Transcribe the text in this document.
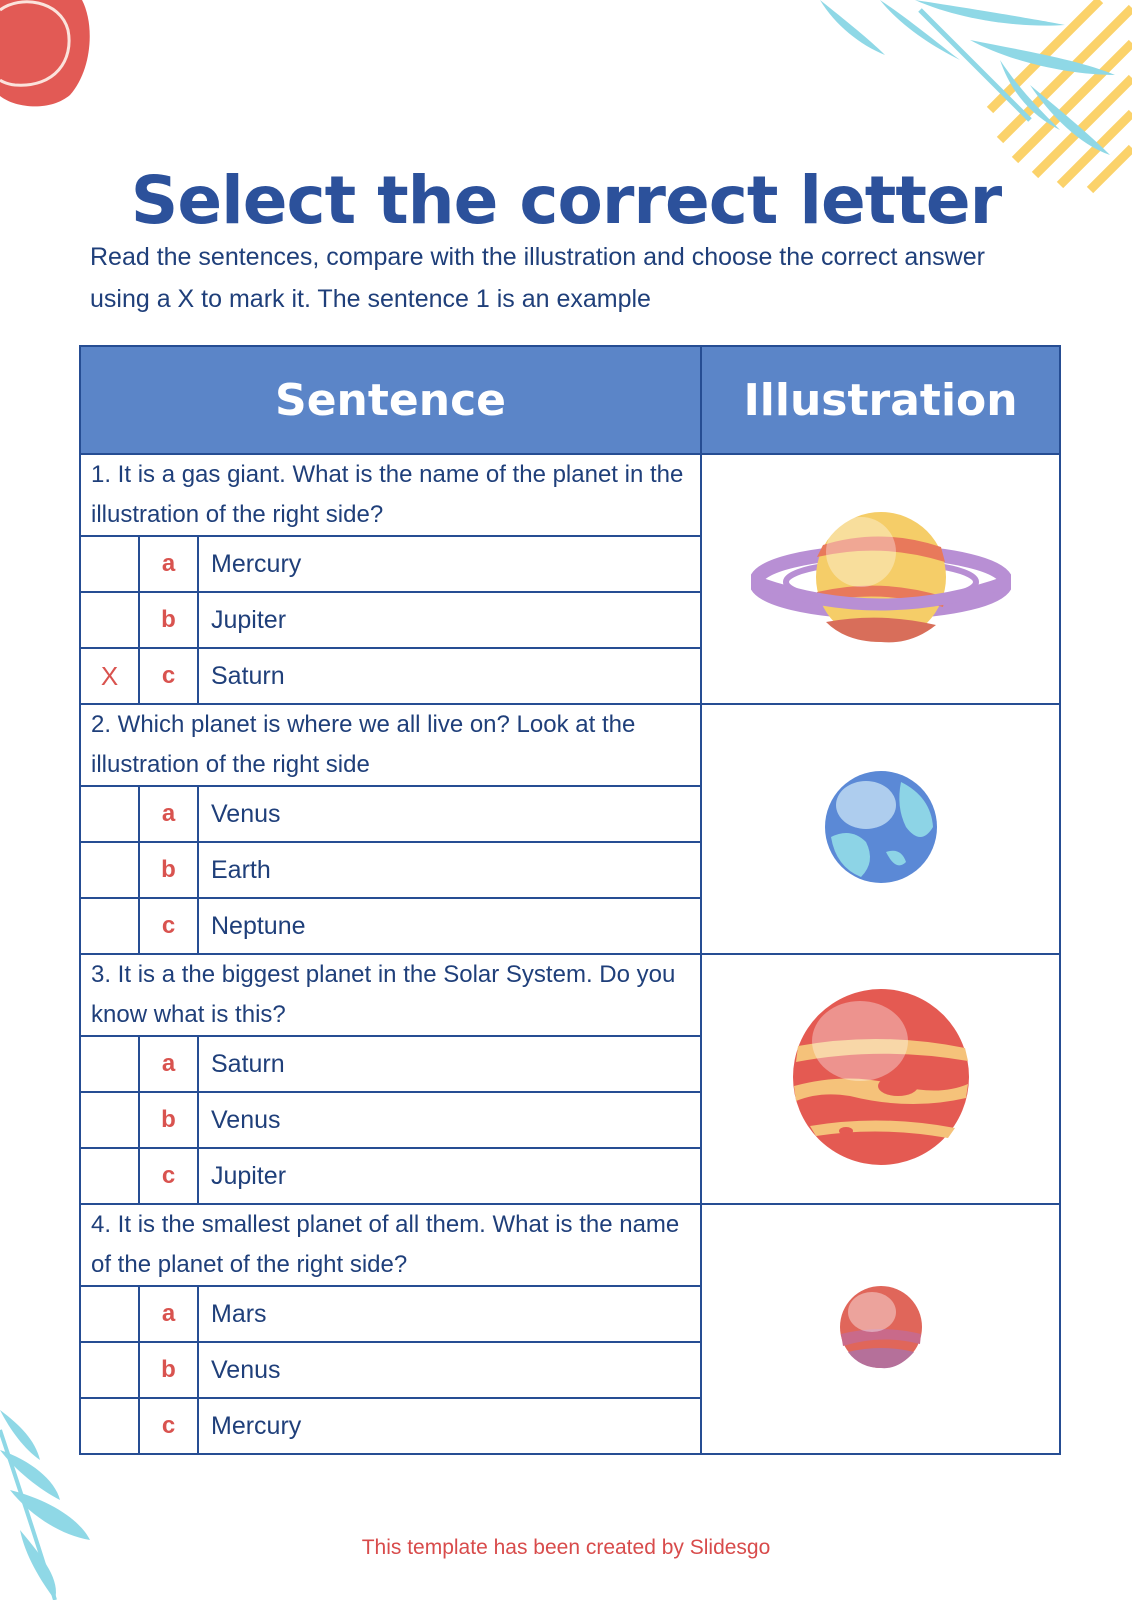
Select the correct letter

Read the sentences, compare with the illustration and choose the correct answer using a X to mark it. The sentence 1 is an example

Sentence			Illustration
1. It is a gas giant. What is the name of the planet in the illustration of the right side?	
	a	Mercury	
	b	Jupiter	
X	c	Saturn	
2. Which planet is where we all live on? Look at the illustration of the right side	
	a	Venus	
	b	Earth	
	c	Neptune	
3. It is a the biggest planet in the Solar System. Do you know what is this?	
	a	Saturn	
	b	Venus	
	c	Jupiter	
4. It is the smallest planet of all them. What is the name of the planet of the right side?	
	a	Mars	
	b	Venus	
	c	Mercury	
This template has been created by Slidesgo
